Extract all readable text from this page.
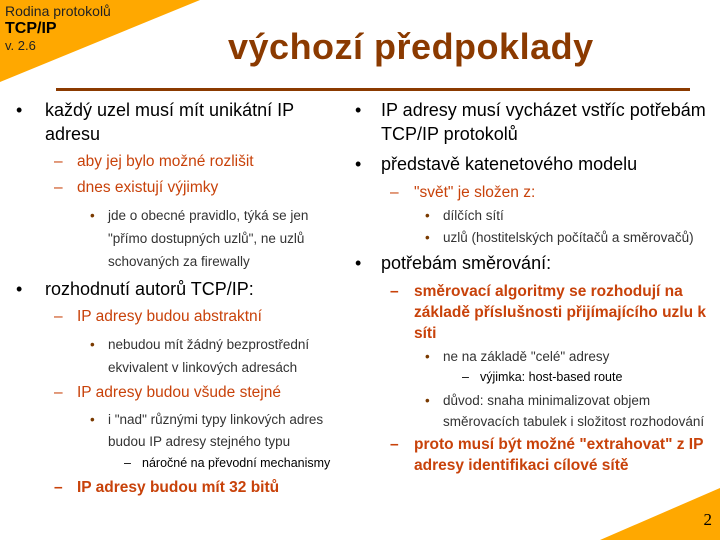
Rodina protokolů
TCP/IP
v. 2.6	výchozí předpoklady
• každý uzel musí mít unikátní IP adresu
– aby jej bylo možné rozlišit
– dnes existují výjimky
• jde o obecné pravidlo, týká se jen "přímo dostupných uzlů", ne uzlů schovaných za firewally
• rozhodnutí autorů TCP/IP:
– IP adresy budou abstraktní
• nebudou mít žádný bezprostřední ekvivalent v linkových adresách
– IP adresy budou všude stejné
• i "nad" různými typy linkových adres budou IP adresy stejného typu
– náročné na převodní mechanismy
– IP adresy budou mít 32 bitů
• IP adresy musí vycházet vstříc potřebám TCP/IP protokolů
• představě katenetového modelu
– "svět" je složen z:
• dílčích sítí
• uzlů (hostitelských počítačů a směrovačů)
• potřebám směrování:
– směrovací algoritmy se rozhodují na základě příslušnosti přijímajícího uzlu k síti
• ne na základě "celé" adresy
– výjimka: host-based route
• důvod: snaha minimalizovat objem směrovacích tabulek i složitost rozhodování
– proto musí být možné "extrahovat" z IP adresy identifikaci cílové sítě
2
